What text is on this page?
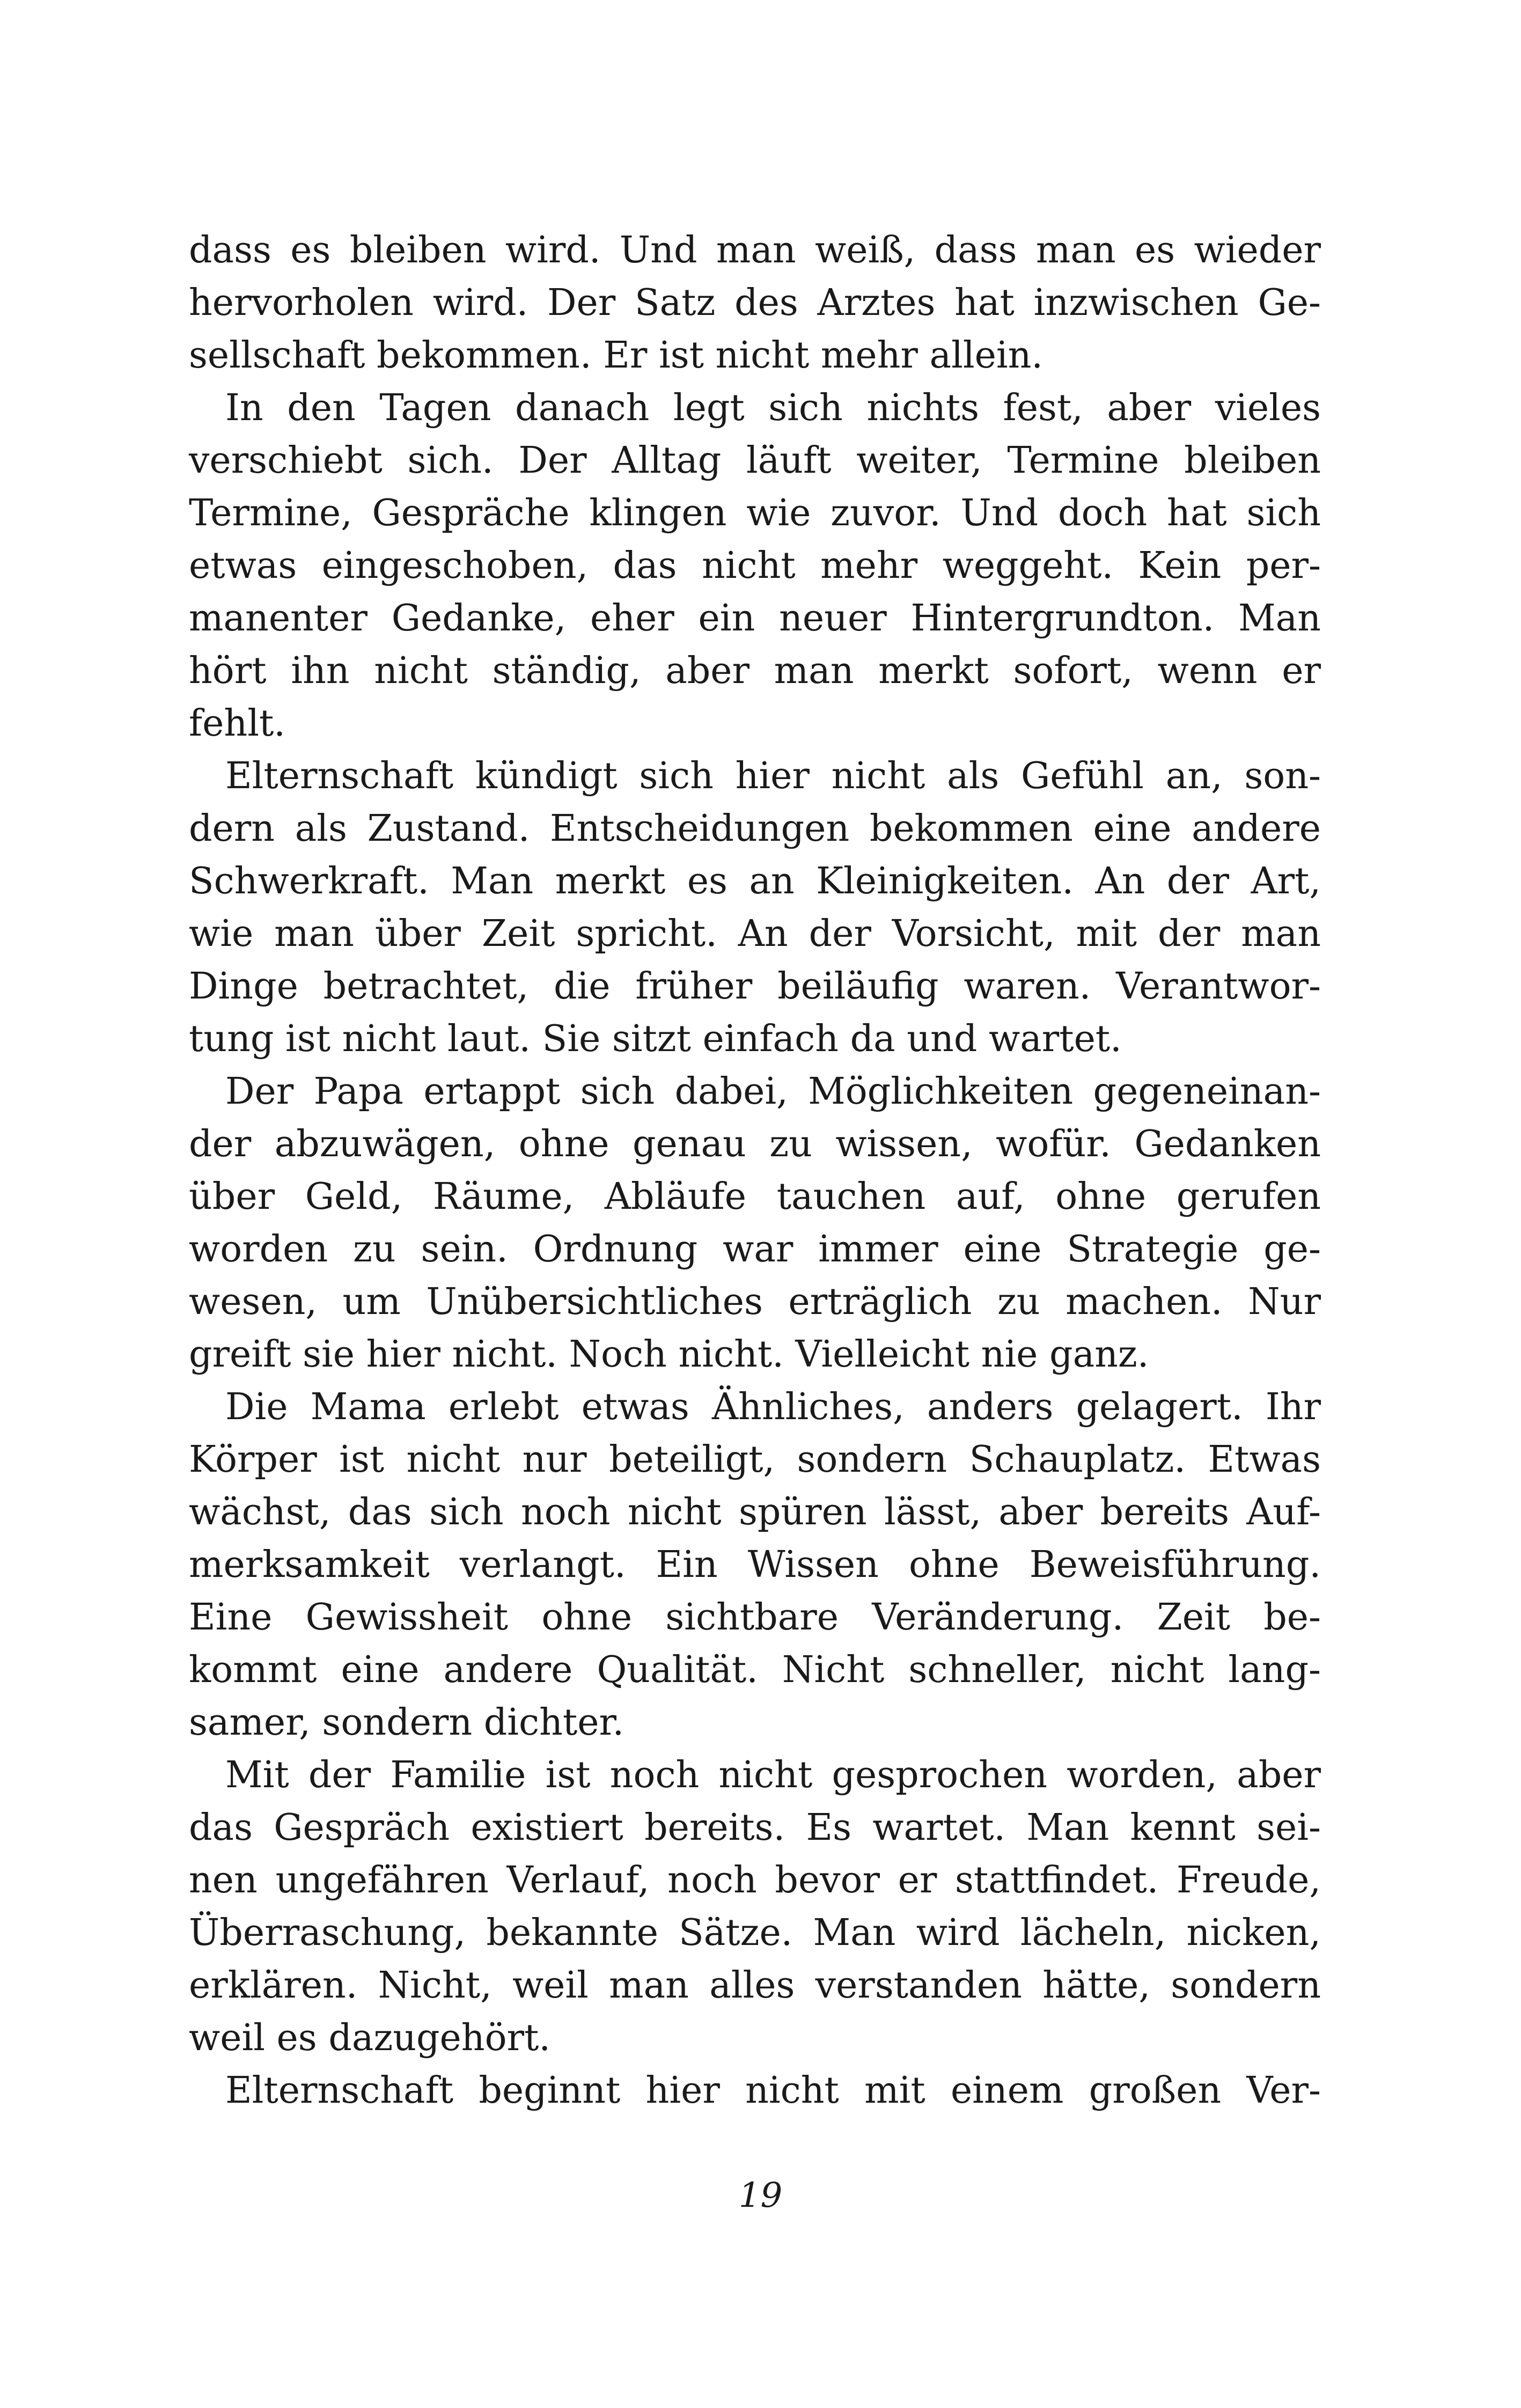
dass es bleiben wird. Und man weiß, dass man es wieder
hervorholen wird. Der Satz des Arztes hat inzwischen Ge-
sellschaft bekommen. Er ist nicht mehr allein.
In den Tagen danach legt sich nichts fest, aber vieles
verschiebt sich. Der Alltag läuft weiter, Termine bleiben
Termine, Gespräche klingen wie zuvor. Und doch hat sich
etwas eingeschoben, das nicht mehr weggeht. Kein per-
manenter Gedanke, eher ein neuer Hintergrundton. Man
hört ihn nicht ständig, aber man merkt sofort, wenn er
fehlt.
Elternschaft kündigt sich hier nicht als Gefühl an, son-
dern als Zustand. Entscheidungen bekommen eine andere
Schwerkraft. Man merkt es an Kleinigkeiten. An der Art,
wie man über Zeit spricht. An der Vorsicht, mit der man
Dinge betrachtet, die früher beiläufig waren. Verantwor-
tung ist nicht laut. Sie sitzt einfach da und wartet.
Der Papa ertappt sich dabei, Möglichkeiten gegeneinan-
der abzuwägen, ohne genau zu wissen, wofür. Gedanken
über Geld, Räume, Abläufe tauchen auf, ohne gerufen
worden zu sein. Ordnung war immer eine Strategie ge-
wesen, um Unübersichtliches erträglich zu machen. Nur
greift sie hier nicht. Noch nicht. Vielleicht nie ganz.
Die Mama erlebt etwas Ähnliches, anders gelagert. Ihr
Körper ist nicht nur beteiligt, sondern Schauplatz. Etwas
wächst, das sich noch nicht spüren lässt, aber bereits Auf-
merksamkeit verlangt. Ein Wissen ohne Beweisführung.
Eine Gewissheit ohne sichtbare Veränderung. Zeit be-
kommt eine andere Qualität. Nicht schneller, nicht lang-
samer, sondern dichter.
Mit der Familie ist noch nicht gesprochen worden, aber
das Gespräch existiert bereits. Es wartet. Man kennt sei-
nen ungefähren Verlauf, noch bevor er stattfindet. Freude,
Überraschung, bekannte Sätze. Man wird lächeln, nicken,
erklären. Nicht, weil man alles verstanden hätte, sondern
weil es dazugehört.
Elternschaft beginnt hier nicht mit einem großen Ver-
19
